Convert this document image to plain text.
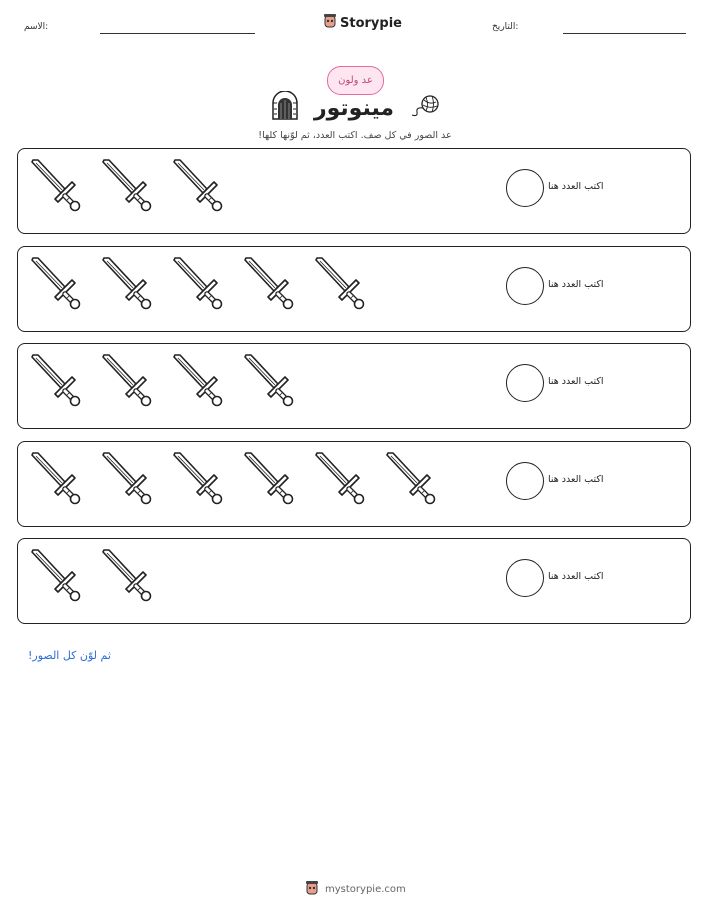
التاريخ:
الاسم:	Storypie
عد ولون
مينوتور
عد الصور في كل صف. اكتب العدد، ثم لوّنها كلها!
اكتب العدد هنا
اكتب العدد هنا
اكتب العدد هنا
اكتب العدد هنا
اكتب العدد هنا
ثم لوّن كل الصور!
mystorypie.com
